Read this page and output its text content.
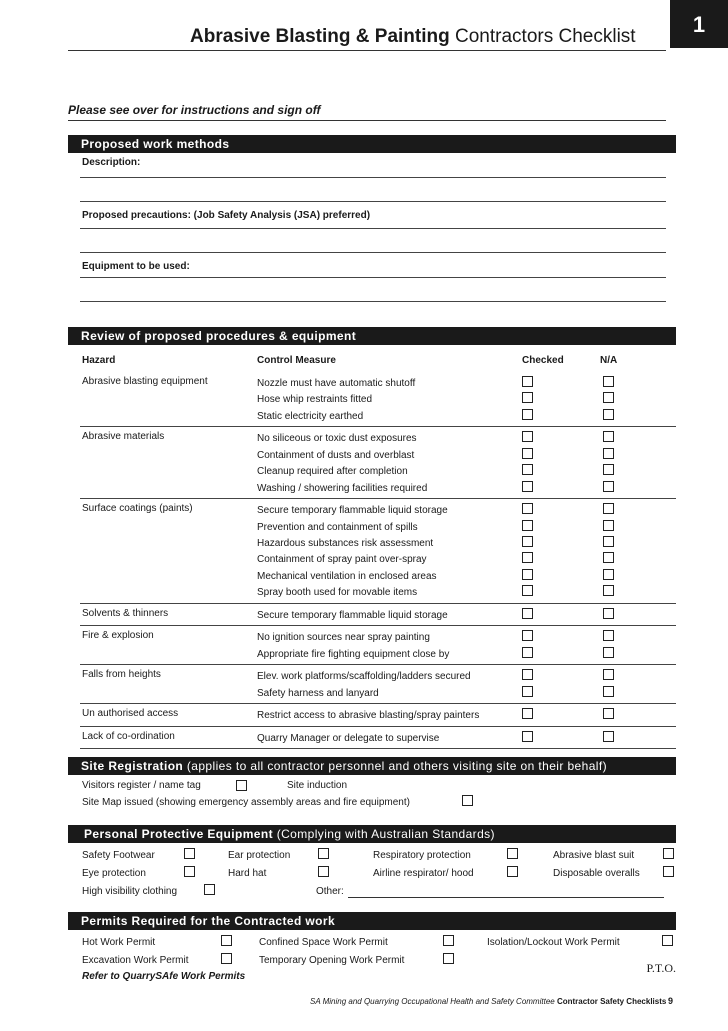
Abrasive Blasting & Painting Contractors Checklist	1
Please see over for instructions and sign off
Proposed work methods
Description:
Proposed precautions: (Job Safety Analysis (JSA) preferred)
Equipment to be used:
Review of proposed procedures & equipment
Hazard	Control Measure	Checked	N/A
Abrasive blasting equipment	Nozzle must have automatic shutoff
Hose whip restraints fitted
Static electricity earthed
Abrasive materials	No siliceous or toxic dust exposures
Containment of dusts and overblast
Cleanup required after completion
Washing / showering facilities required
Surface coatings (paints)	Secure temporary flammable liquid storage
Prevention and containment of spills
Hazardous substances risk assessment
Containment of spray paint over-spray
Mechanical ventilation in enclosed areas
Spray booth used for movable items
Solvents & thinners	Secure temporary flammable liquid storage
Fire & explosion	No ignition sources near spray painting
Appropriate fire fighting equipment close by
Falls from heights	Elev. work platforms/scaffolding/ladders secured
Safety harness and lanyard
Un authorised access	Restrict access to abrasive blasting/spray painters
Lack of co-ordination	Quarry Manager or delegate to supervise
Site Registration (applies to all contractor personnel and others visiting site on their behalf)
Visitors register / name tag	Site induction
Site Map issued (showing emergency assembly areas and fire equipment)
Personal Protective Equipment (Complying with Australian Standards)
Safety Footwear	Ear protection	Respiratory protection	Abrasive blast suit
Eye protection	Hard hat	Airline respirator/ hood	Disposable overalls
High visibility clothing	Other:
Permits Required for the Contracted work
Hot Work Permit	Confined Space Work Permit	Isolation/Lockout Work Permit
Excavation Work Permit	Temporary Opening Work Permit
Refer to QuarrySAfe Work Permits
P.T.O.
SA Mining and Quarrying Occupational Health and Safety Committee Contractor Safety Checklists 9
